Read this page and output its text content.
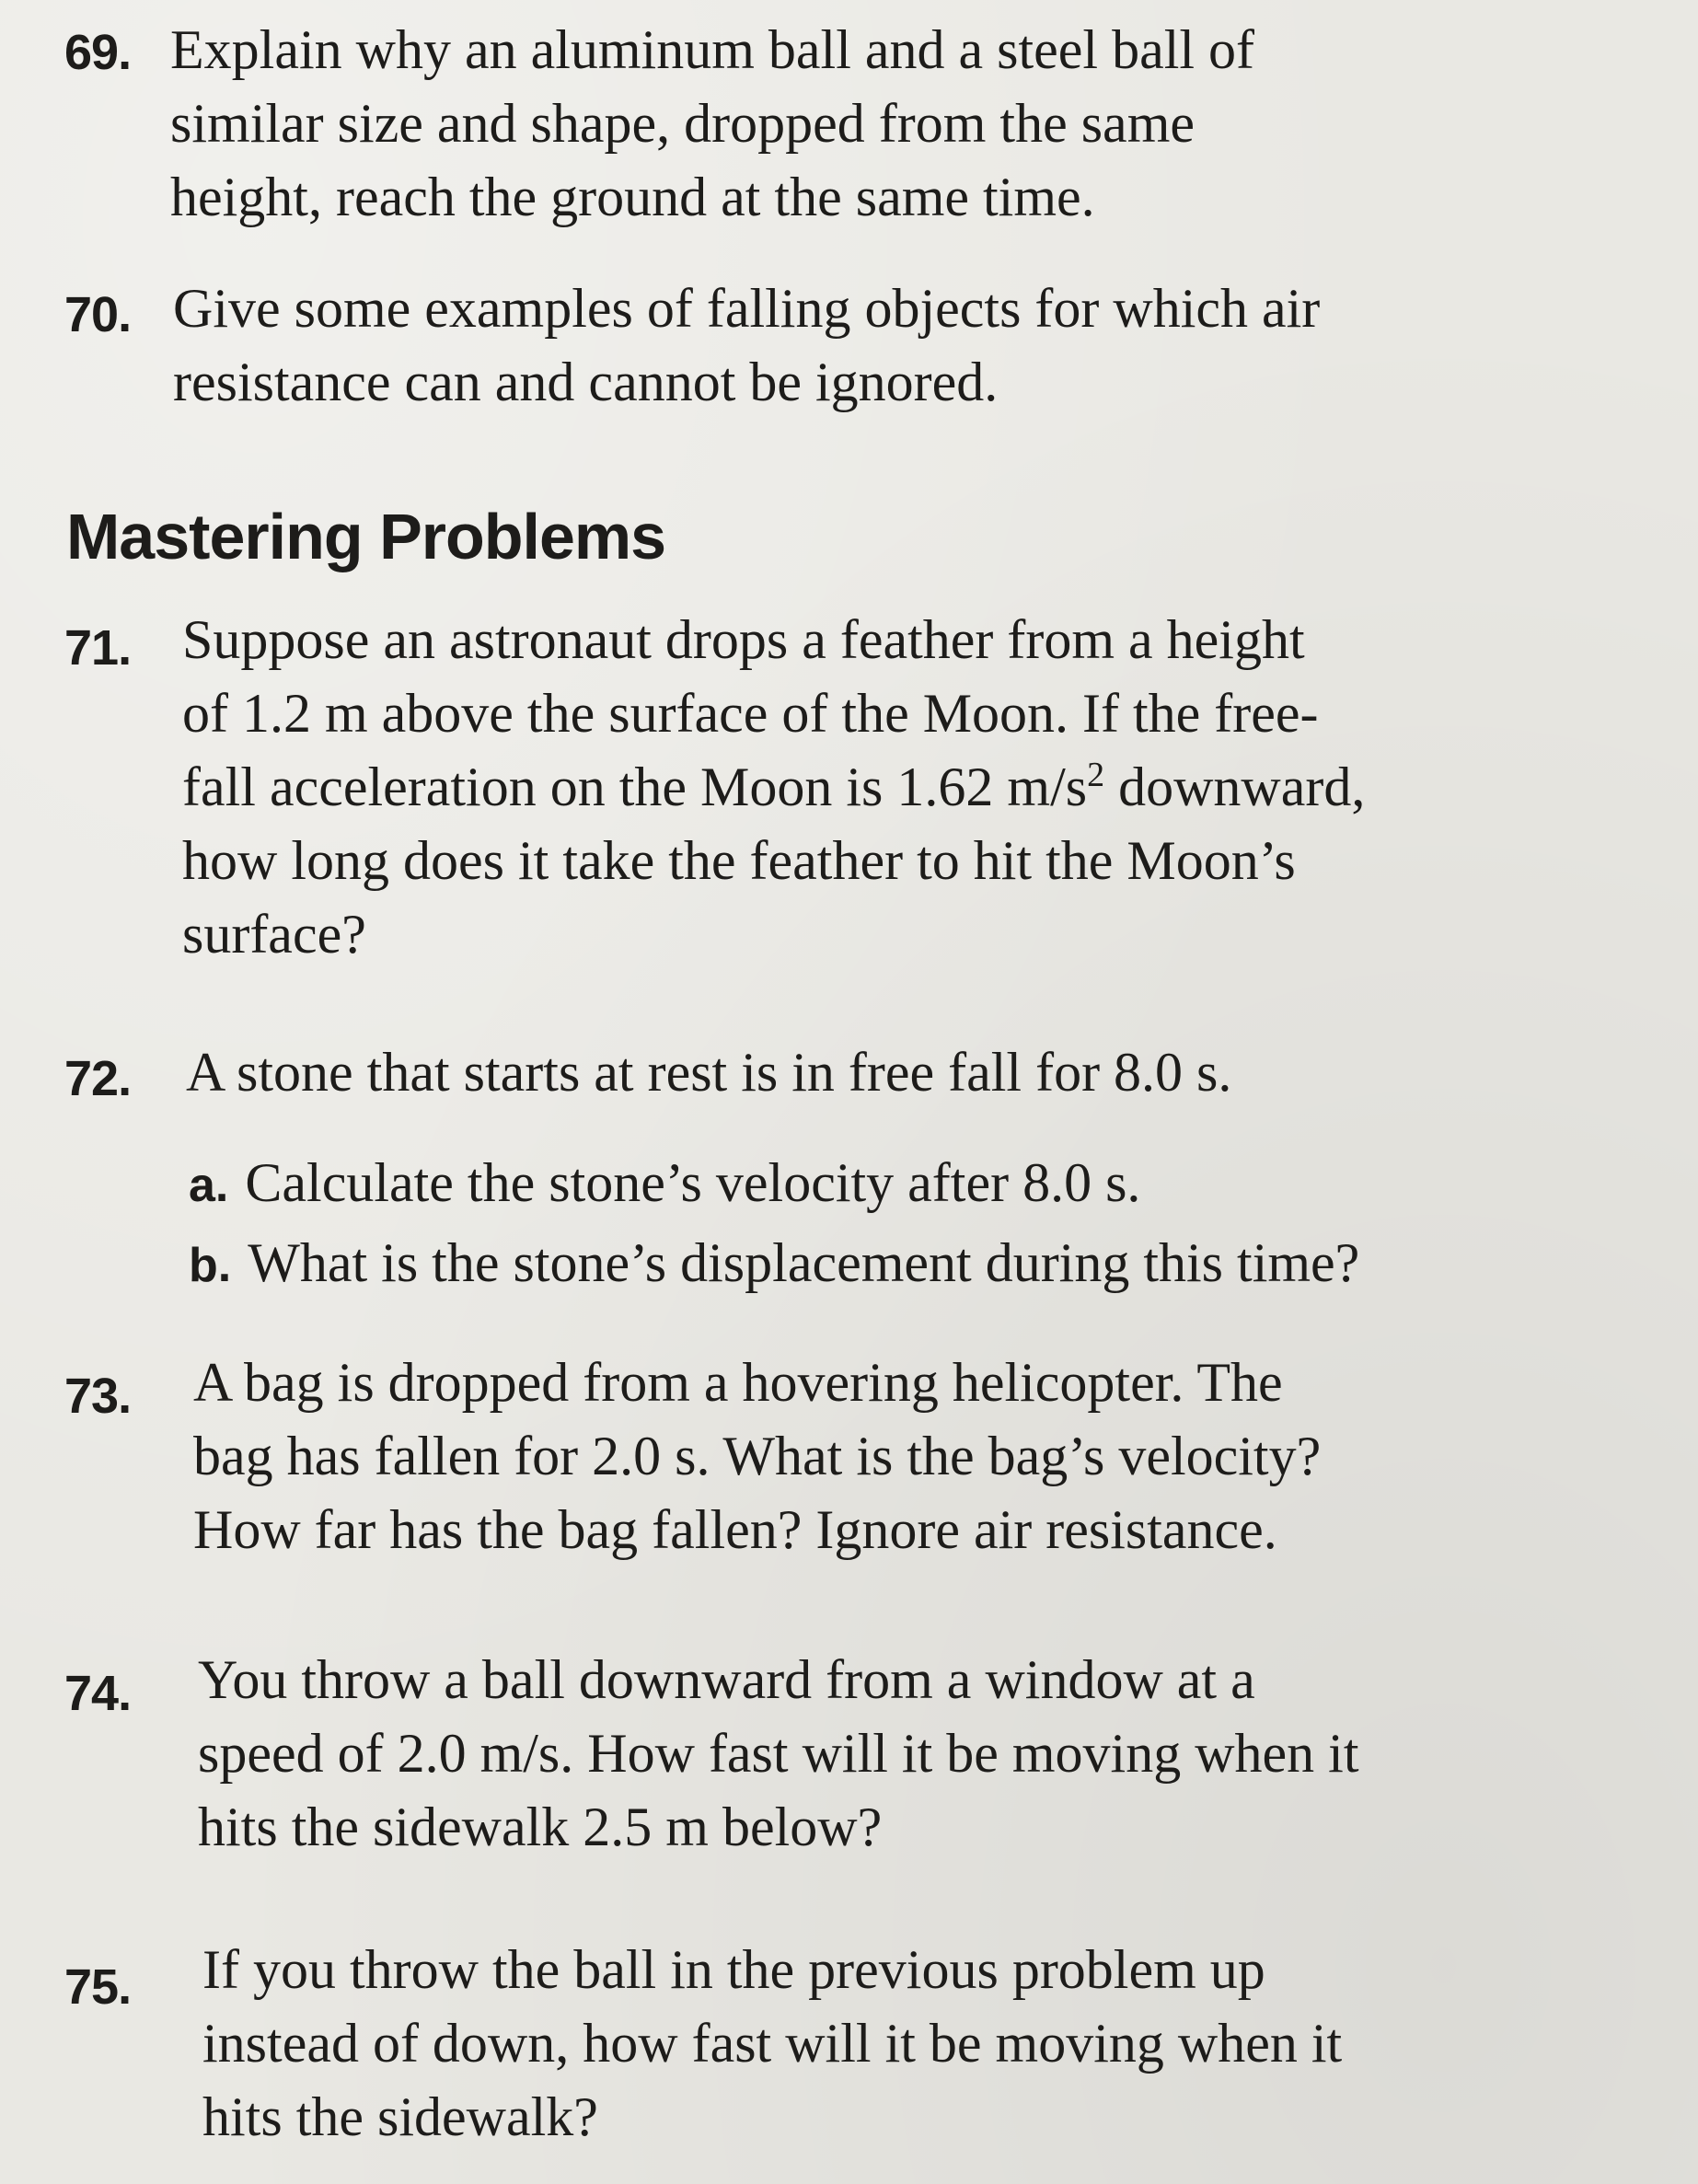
69. Explain why an aluminum ball and a steel ball of
similar size and shape, dropped from the same
height, reach the ground at the same time.
70. Give some examples of falling objects for which air
resistance can and cannot be ignored.
Mastering Problems
71. Suppose an astronaut drops a feather from a height
of 1.2 m above the surface of the Moon. If the free-
fall acceleration on the Moon is 1.62 $m/s^2$ downward,
how long does it take the feather to hit the Moon’s
surface?
72. A stone that starts at rest is in free fall for 8.0 s.
a. Calculate the stone’s velocity after 8.0 s.
b. What is the stone’s displacement during this time?
73. A bag is dropped from a hovering helicopter. The
bag has fallen for 2.0 s. What is the bag’s velocity?
How far has the bag fallen? Ignore air resistance.
74. You throw a ball downward from a window at a
speed of 2.0 m/s. How fast will it be moving when it
hits the sidewalk 2.5 m below?
75. If you throw the ball in the previous problem up
instead of down, how fast will it be moving when it
hits the sidewalk?
